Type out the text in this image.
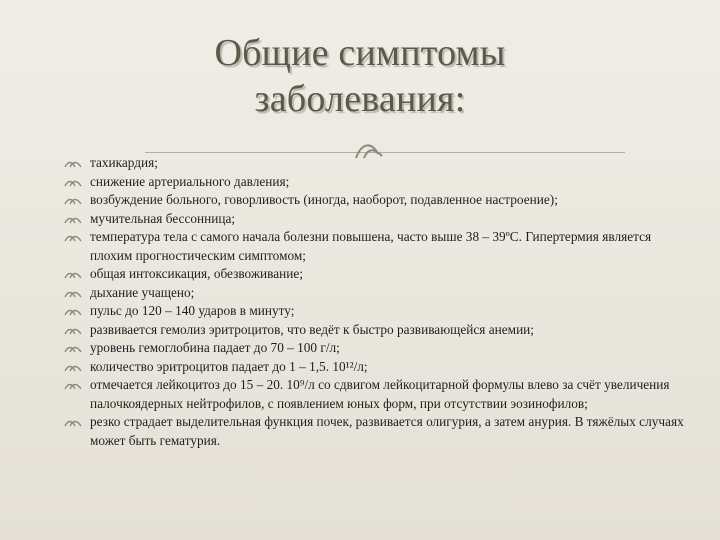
Общие симптомы заболевания:
тахикардия;
снижение артериального давления;
возбуждение больного, говорливость (иногда, наоборот, подавленное настроение);
мучительная бессонница;
температура тела с самого начала болезни повышена, часто выше 38 – 39ºС. Гипертермия является плохим прогностическим симптомом;
общая интоксикация, обезвоживание;
дыхание учащено;
пульс до 120 – 140 ударов в минуту;
развивается гемолиз эритроцитов, что ведёт к быстро развивающейся анемии;
уровень гемоглобина падает до 70 – 100 г/л;
количество эритроцитов падает до 1 – 1,5. 10¹²/л;
отмечается лейкоцитоз до 15 – 20. 10⁹/л со сдвигом лейкоцитарной формулы влево за счёт увеличения палочкоядерных нейтрофилов, с появлением юных форм, при отсутствии эозинофилов;
резко страдает выделительная функция почек, развивается олигурия, а затем анурия. В тяжёлых случаях может быть гематурия.
